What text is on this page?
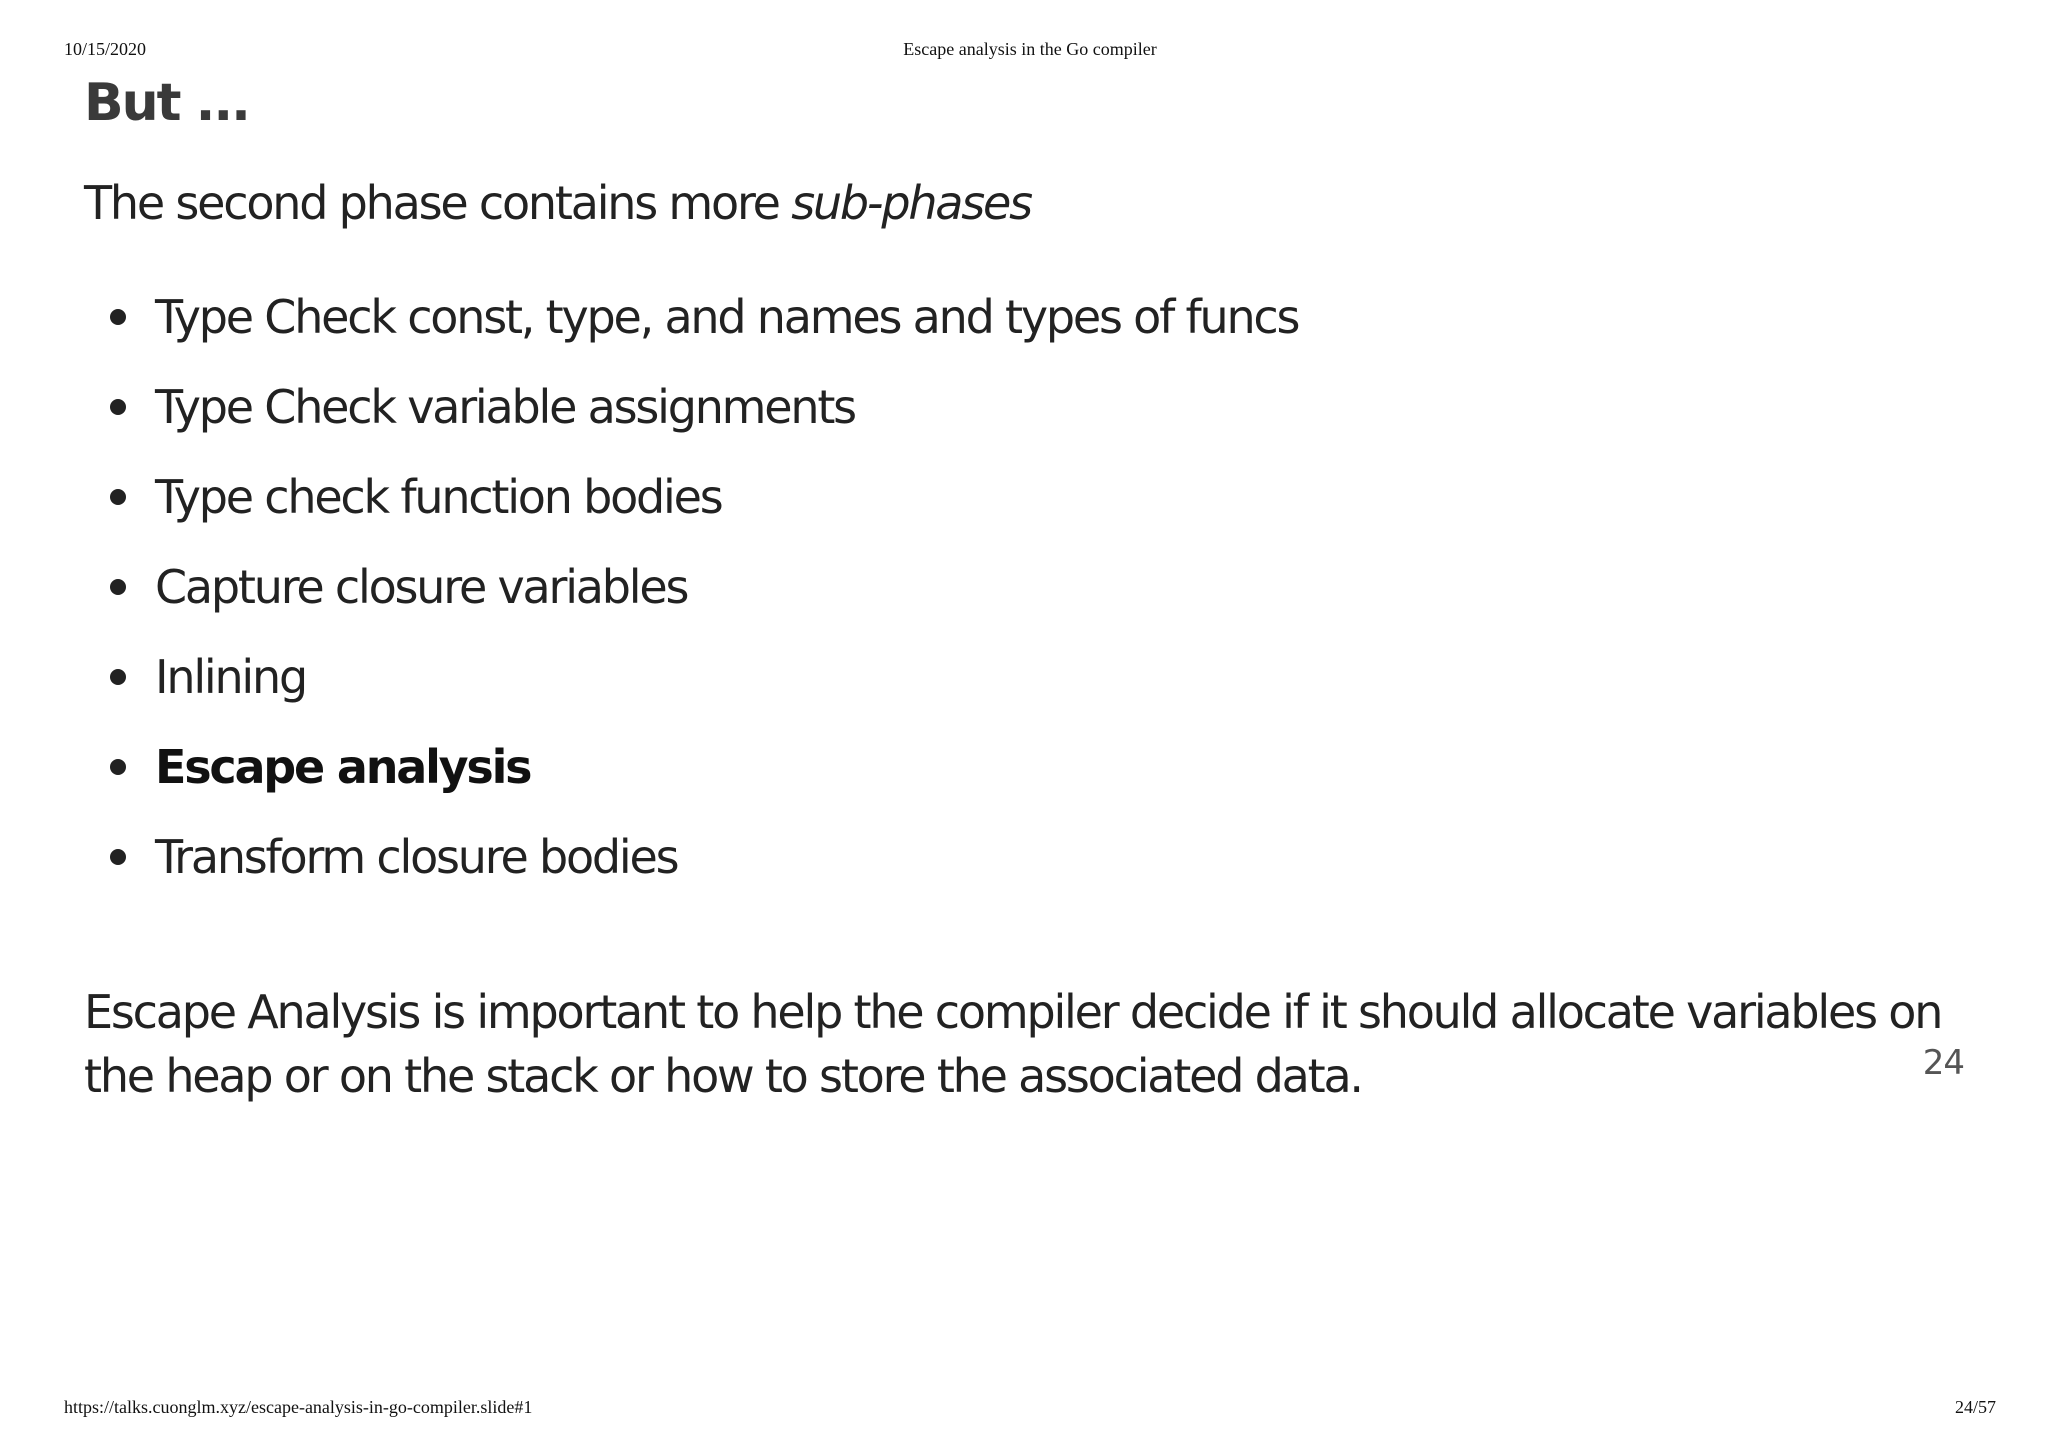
10/15/2020	Escape analysis in the Go compiler
But ...

The second phase contains more sub-phases

Type Check const, type, and names and types of funcs
Type Check variable assignments
Type check function bodies
Capture closure variables
Inlining
Escape analysis
Transform closure bodies

Escape Analysis is important to help the compiler decide if it should allocate variables on the heap or on the stack or how to store the associated data.	24
https://talks.cuonglm.xyz/escape-analysis-in-go-compiler.slide#1	24/57
